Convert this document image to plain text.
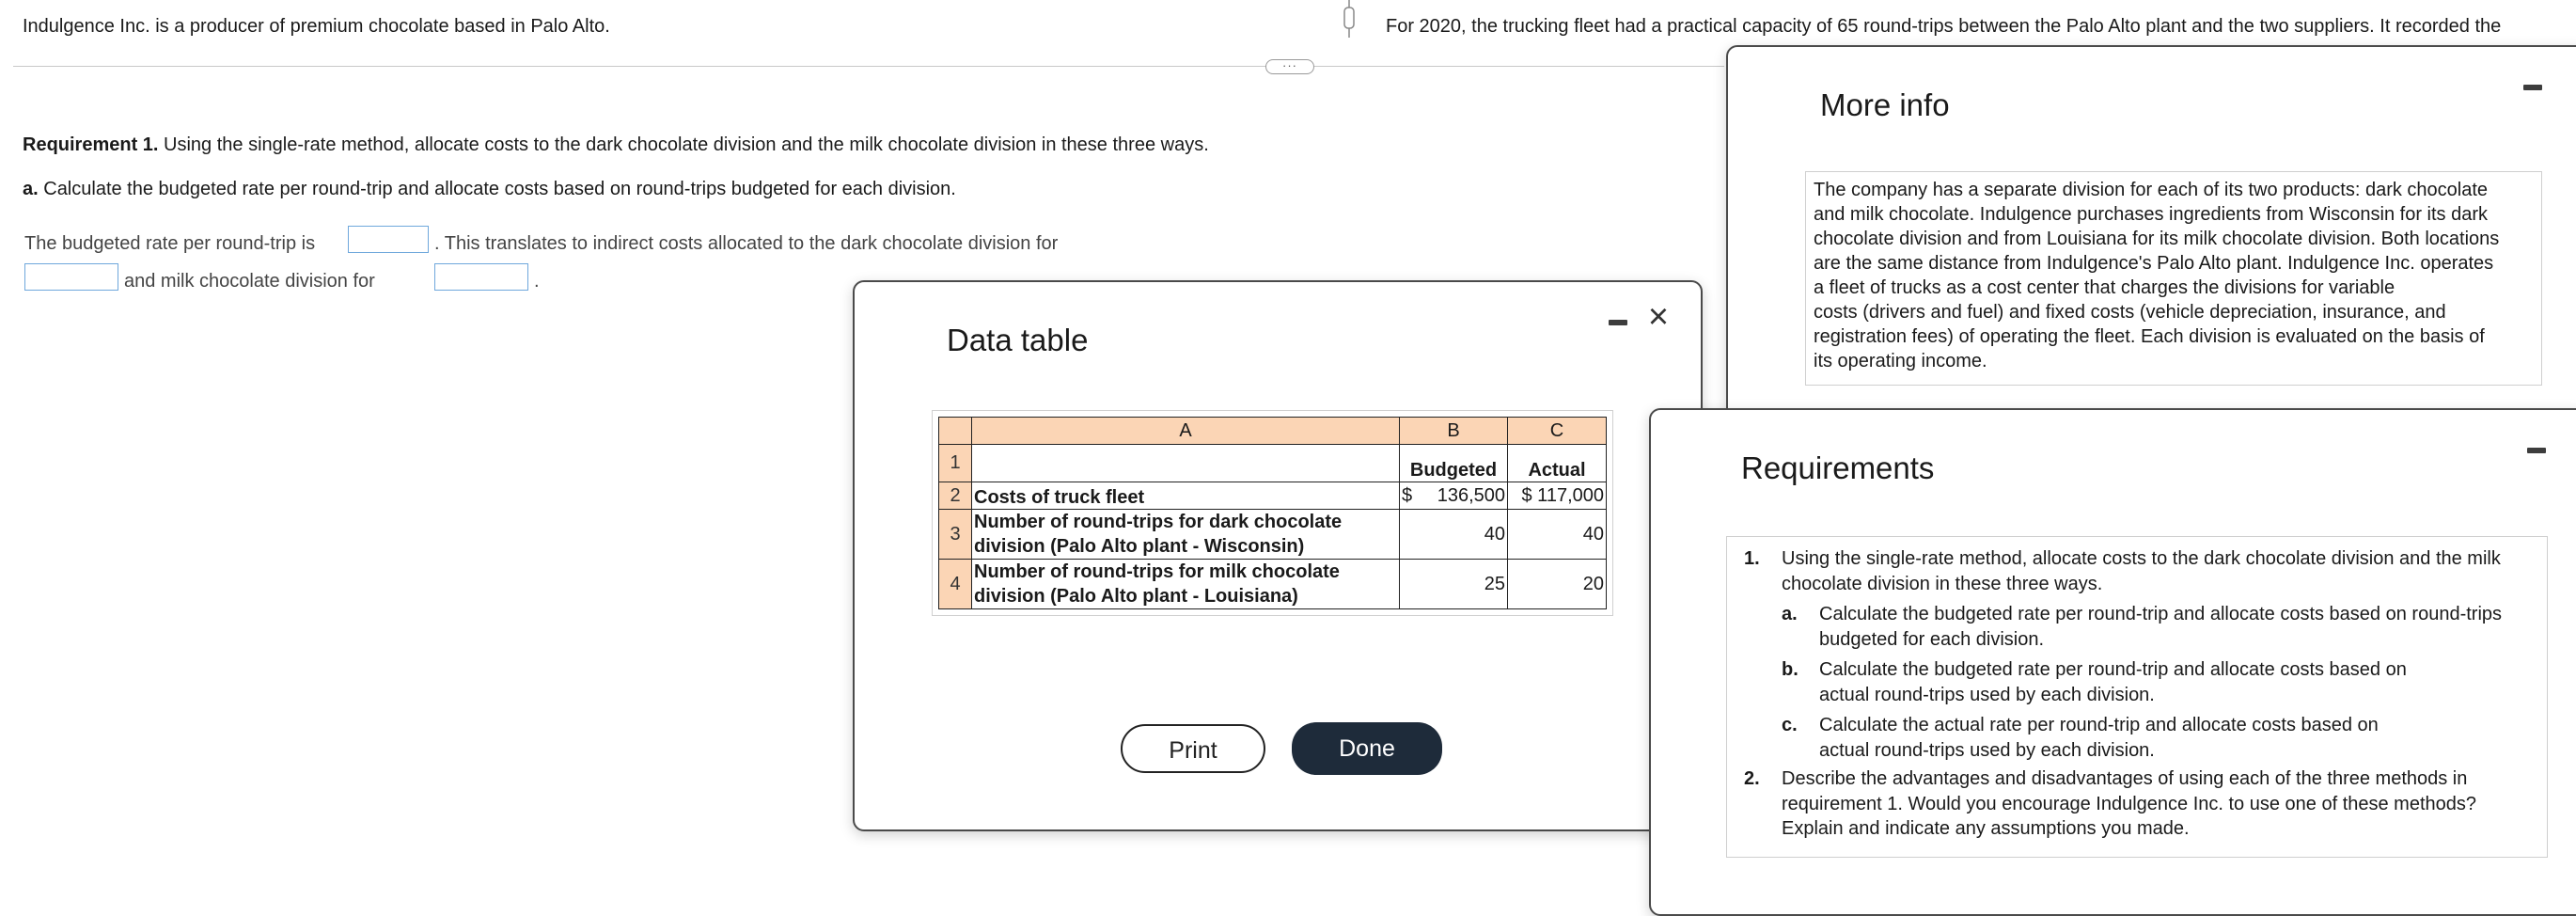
Indulgence Inc. is a producer of premium chocolate based in Palo Alto.	For 2020, the trucking fleet had a practical capacity of 65 round-trips between the Palo Alto plant and the two suppliers. It recorded the
···
Requirement 1. Using the single-rate method, allocate costs to the dark chocolate division and the milk chocolate division in these three ways.
a. Calculate the budgeted rate per round-trip and allocate costs based on round-trips budgeted for each division.
The budgeted rate per round-trip is	. This translates to indirect costs allocated to the dark chocolate division for
and milk chocolate division for	.
Data table
×
	A	B	C
1		Budgeted	Actual
2	Costs of truck fleet	$ 136,500	$ 117,000
3	Number of round-trips for dark chocolate
division (Palo Alto plant - Wisconsin)	40	40
4	Number of round-trips for milk chocolate
division (Palo Alto plant - Louisiana)	25	20
Print	Done
More info
The company has a separate division for each of its two products: dark chocolate
and milk chocolate. Indulgence purchases ingredients from Wisconsin for its dark
chocolate division and from Louisiana for its milk chocolate division. Both locations
are the same distance from Indulgence's Palo Alto plant. Indulgence Inc. operates
a fleet of trucks as a cost center that charges the divisions for variable
costs (drivers and fuel) and fixed costs (vehicle depreciation, insurance, and
registration fees) of operating the fleet. Each division is evaluated on the basis of
its operating income.
Requirements
1. Using the single-rate method, allocate costs to the dark chocolate division and the milk
chocolate division in these three ways.
a. Calculate the budgeted rate per round-trip and allocate costs based on round-trips
budgeted for each division.
b. Calculate the budgeted rate per round-trip and allocate costs based on
actual round-trips used by each division.
c. Calculate the actual rate per round-trip and allocate costs based on
actual round-trips used by each division.
2. Describe the advantages and disadvantages of using each of the three methods in
requirement 1. Would you encourage Indulgence Inc. to use one of these methods?
Explain and indicate any assumptions you made.
